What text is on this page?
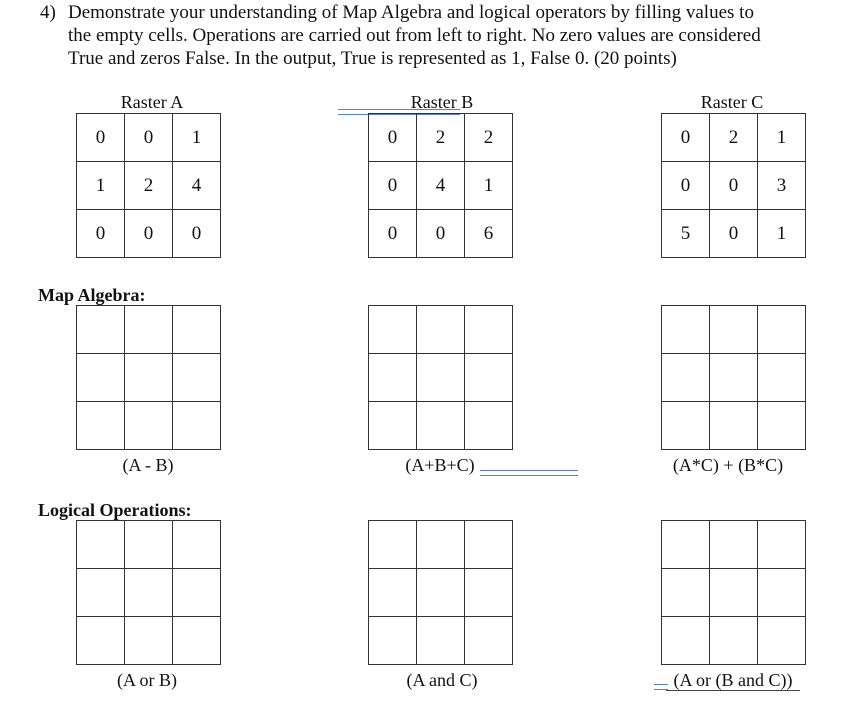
4) Demonstrate your understanding of Map Algebra and logical operators by filling values to
the empty cells. Operations are carried out from left to right. No zero values are considered
True and zeros False. In the output, True is represented as 1, False 0. (20 points)
Raster A	Raster B	Raster C
0	0	1
1	2	4
0	0	0
0	2	2
0	4	1
0	0	6
0	2	1
0	0	3
5	0	1
Map Algebra:

(A - B)	(A+B+C)	(A*C) + (B*C)
Logical Operations:

(A or B)	(A and C)	(A or (B and C))
